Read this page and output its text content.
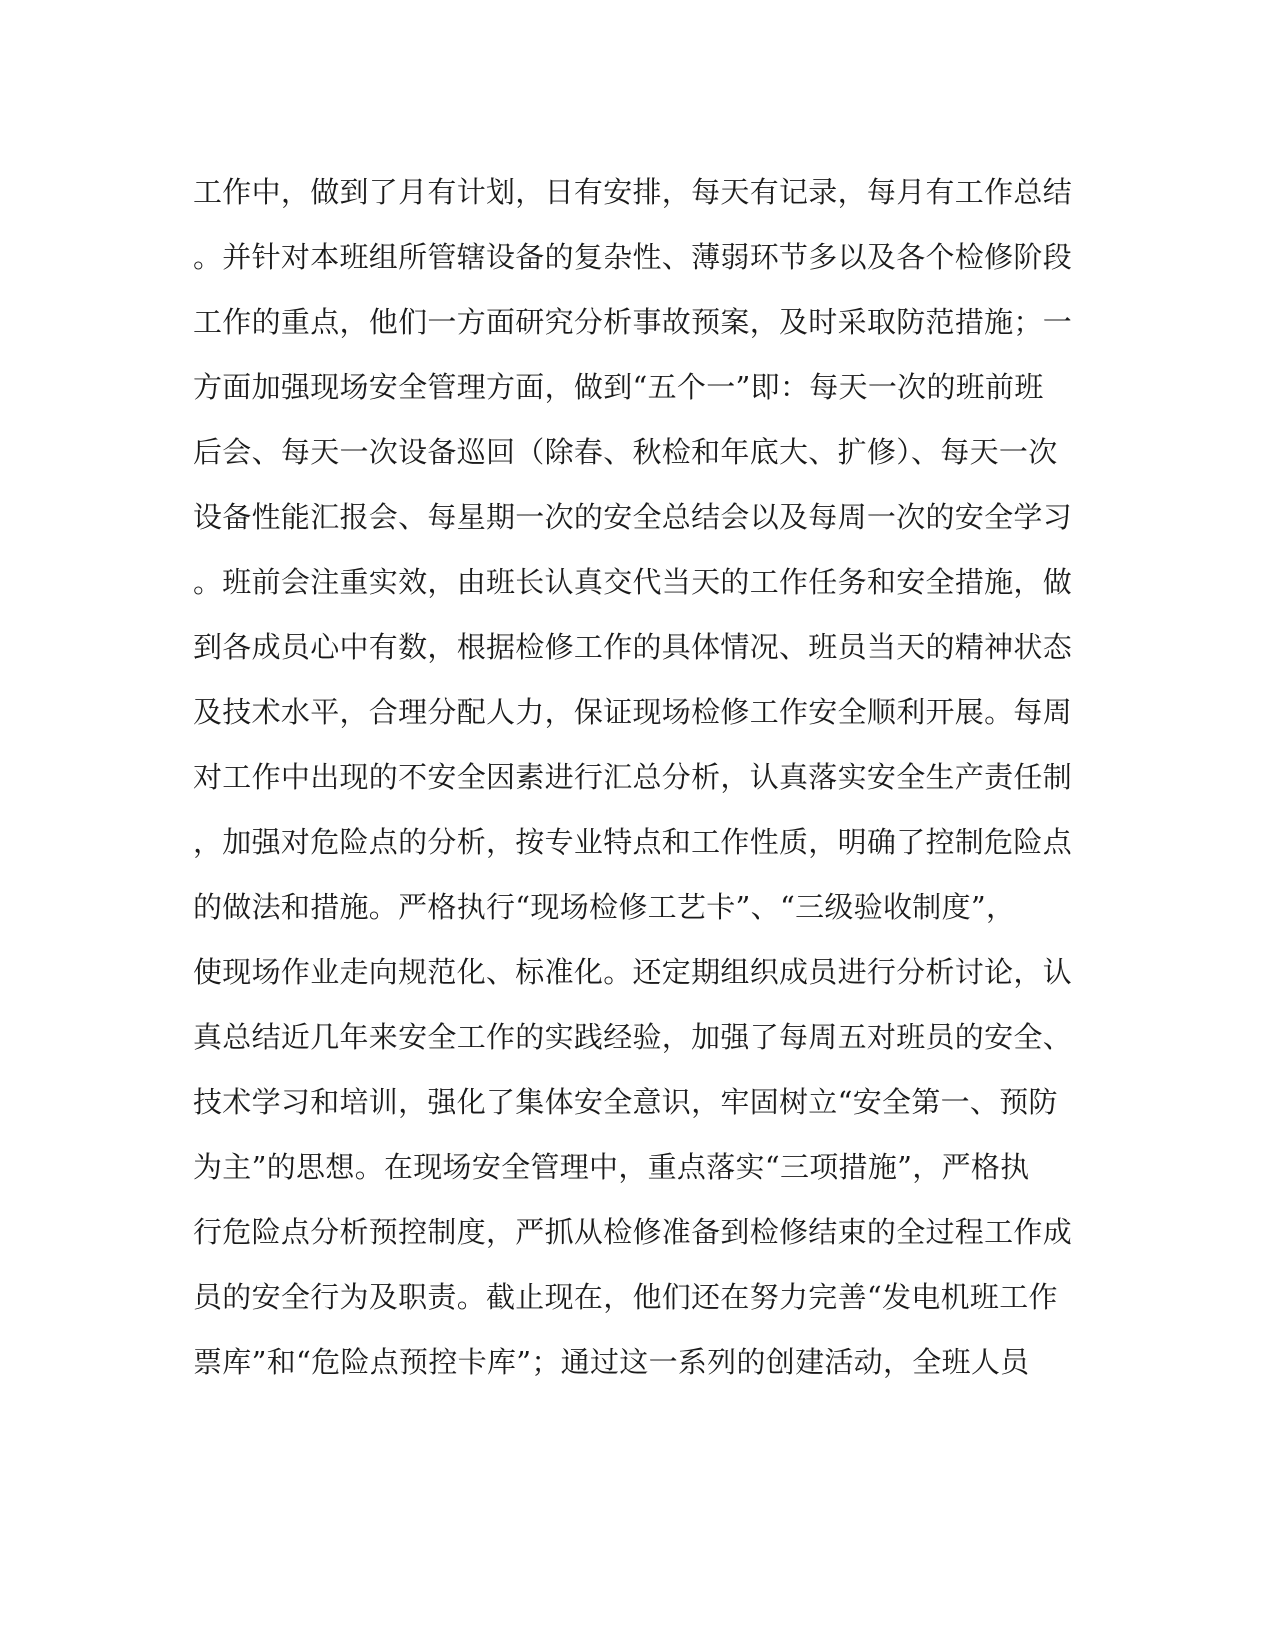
工作中，做到了月有计划，日有安排，每天有记录，每月有工作总结
。并针对本班组所管辖设备的复杂性、薄弱环节多以及各个检修阶段
工作的重点，他们一方面研究分析事故预案，及时采取防范措施；一
方面加强现场安全管理方面，做到“五个一”即：每天一次的班前班
后会、每天一次设备巡回（除春、秋检和年底大、扩修）、每天一次
设备性能汇报会、每星期一次的安全总结会以及每周一次的安全学习
。班前会注重实效，由班长认真交代当天的工作任务和安全措施，做
到各成员心中有数，根据检修工作的具体情况、班员当天的精神状态
及技术水平，合理分配人力，保证现场检修工作安全顺利开展。每周
对工作中出现的不安全因素进行汇总分析，认真落实安全生产责任制
，加强对危险点的分析，按专业特点和工作性质，明确了控制危险点
的做法和措施。严格执行“现场检修工艺卡”、“三级验收制度”，
使现场作业走向规范化、标准化。还定期组织成员进行分析讨论，认
真总结近几年来安全工作的实践经验，加强了每周五对班员的安全、
技术学习和培训，强化了集体安全意识，牢固树立“安全第一、预防
为主”的思想。在现场安全管理中，重点落实“三项措施”，严格执
行危险点分析预控制度，严抓从检修准备到检修结束的全过程工作成
员的安全行为及职责。截止现在，他们还在努力完善“发电机班工作
票库”和“危险点预控卡库”；通过这一系列的创建活动，全班人员
